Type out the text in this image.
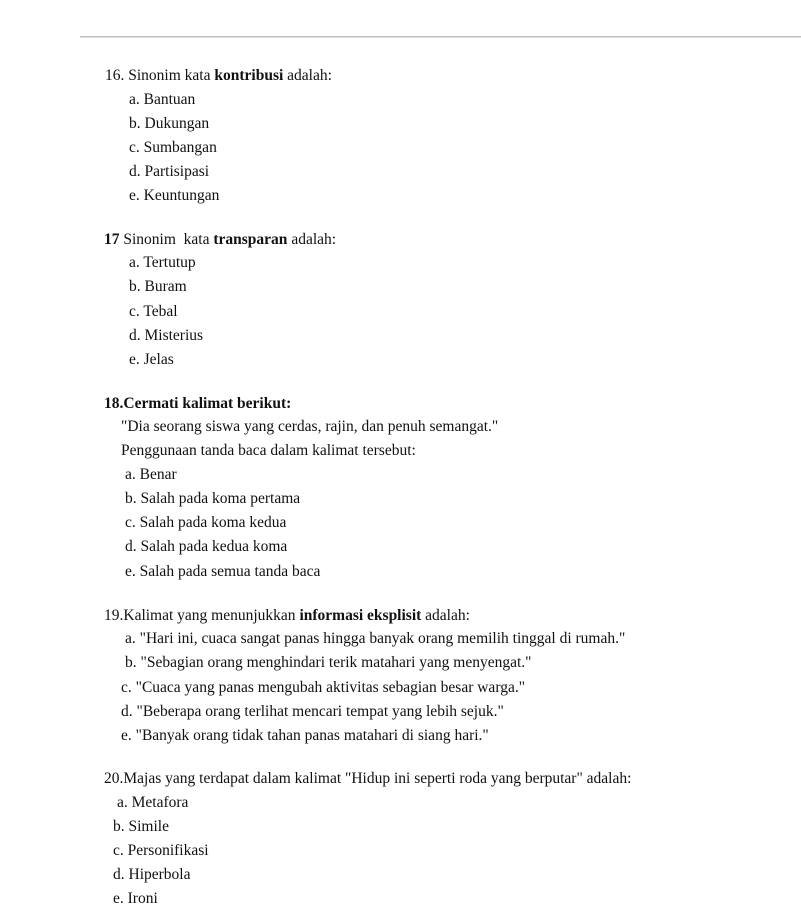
16. Sinonim kata kontribusi adalah:
a. Bantuan
b. Dukungan
c. Sumbangan
d. Partisipasi
e. Keuntungan
17 Sinonim  kata transparan adalah:
a. Tertutup
b. Buram
c. Tebal
d. Misterius
e. Jelas
18.Cermati kalimat berikut:
"Dia seorang siswa yang cerdas, rajin, dan penuh semangat."
Penggunaan tanda baca dalam kalimat tersebut:
a. Benar
b. Salah pada koma pertama
c. Salah pada koma kedua
d. Salah pada kedua koma
e. Salah pada semua tanda baca
19.Kalimat yang menunjukkan informasi eksplisit adalah:
a. "Hari ini, cuaca sangat panas hingga banyak orang memilih tinggal di rumah."
b. "Sebagian orang menghindari terik matahari yang menyengat."
c. "Cuaca yang panas mengubah aktivitas sebagian besar warga."
d. "Beberapa orang terlihat mencari tempat yang lebih sejuk."
e. "Banyak orang tidak tahan panas matahari di siang hari."
20.Majas yang terdapat dalam kalimat "Hidup ini seperti roda yang berputar" adalah:
a. Metafora
b. Simile
c. Personifikasi
d. Hiperbola
e. Ironi
